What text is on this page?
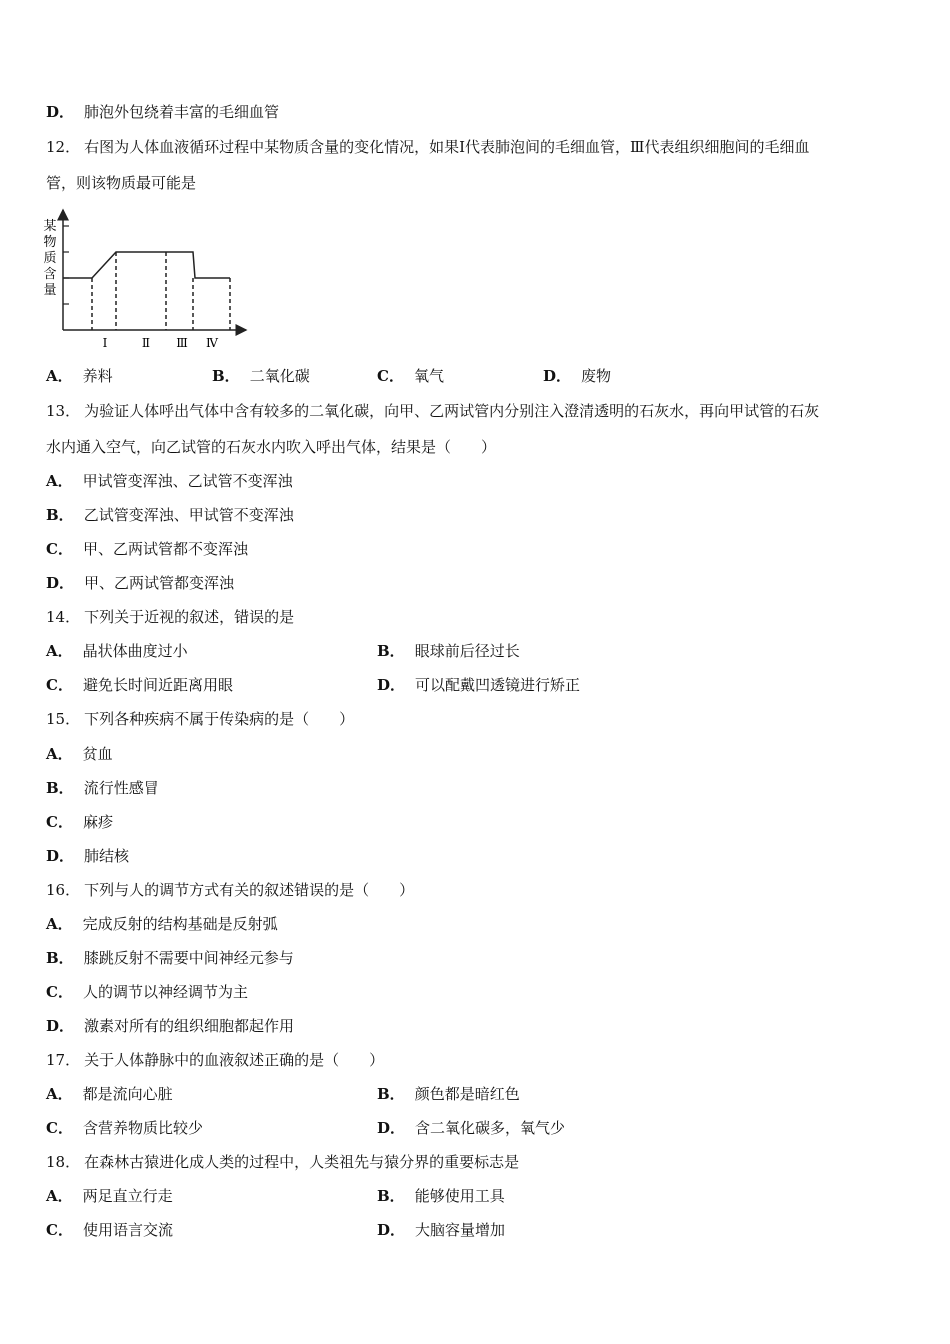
D． 肺泡外包绕着丰富的毛细血管
12． 右图为人体血液循环过程中某物质含量的变化情况，如果Ⅰ代表肺泡间的毛细血管，Ⅲ代表组织细胞间的毛细血
管，则该物质最可能是
某
物
质
含
量
Ⅰ	Ⅱ Ⅲ Ⅳ
A． 养料	B． 二氧化碳	C． 氧气	D． 废物
13． 为验证人体呼出气体中含有较多的二氧化碳，向甲、乙两试管内分别注入澄清透明的石灰水，再向甲试管的石灰
水内通入空气，向乙试管的石灰水内吹入呼出气体，结果是（　　）
A． 甲试管变浑浊、乙试管不变浑浊
B． 乙试管变浑浊、甲试管不变浑浊
C． 甲、乙两试管都不变浑浊
D． 甲、乙两试管都变浑浊
14． 下列关于近视的叙述，错误的是
A． 晶状体曲度过小	B． 眼球前后径过长
C． 避免长时间近距离用眼	D． 可以配戴凹透镜进行矫正
15． 下列各种疾病不属于传染病的是（　　）
A． 贫血
B． 流行性感冒
C． 麻疹
D． 肺结核
16． 下列与人的调节方式有关的叙述错误的是（　　）
A． 完成反射的结构基础是反射弧
B． 膝跳反射不需要中间神经元参与
C． 人的调节以神经调节为主
D． 激素对所有的组织细胞都起作用
17． 关于人体静脉中的血液叙述正确的是（　　）
A． 都是流向心脏	B． 颜色都是暗红色
C． 含营养物质比较少	D． 含二氧化碳多，氧气少
18． 在森林古猿进化成人类的过程中，人类祖先与猿分界的重要标志是
A． 两足直立行走	B． 能够使用工具
C． 使用语言交流	D． 大脑容量增加
